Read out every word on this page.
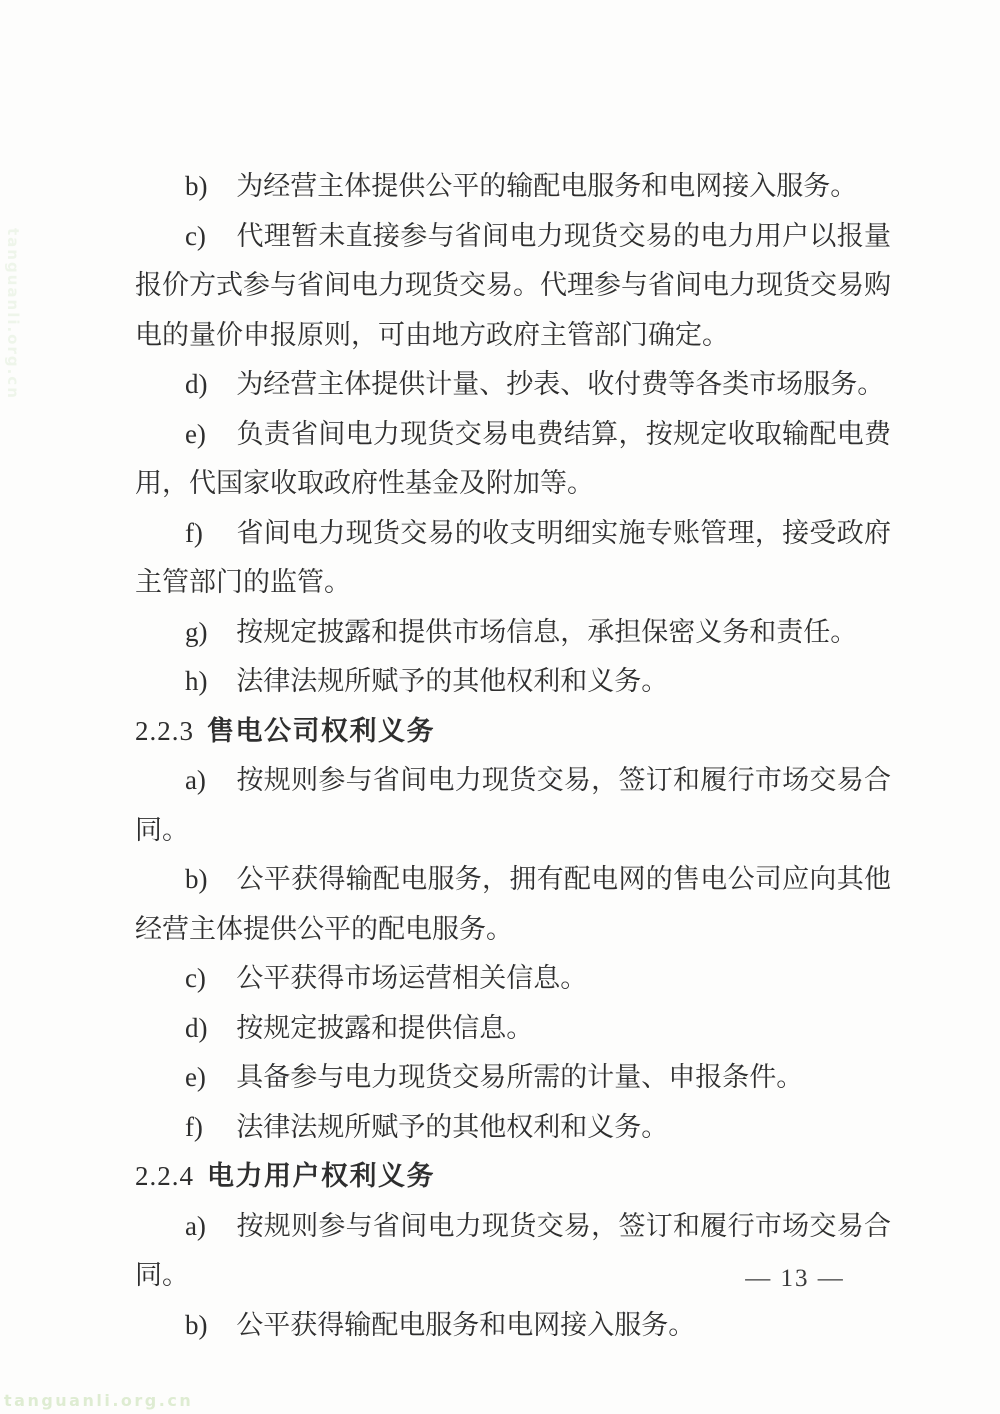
tanguanli.org.cn

b) 为经营主体提供公平的输配电服务和电网接入服务。

c) 代理暂未直接参与省间电力现货交易的电力用户以报量报价方式参与省间电力现货交易。代理参与省间电力现货交易购电的量价申报原则，可由地方政府主管部门确定。

d) 为经营主体提供计量、抄表、收付费等各类市场服务。

e) 负责省间电力现货交易电费结算，按规定收取输配电费用，代国家收取政府性基金及附加等。

f) 省间电力现货交易的收支明细实施专账管理，接受政府主管部门的监管。

g) 按规定披露和提供市场信息，承担保密义务和责任。

h) 法律法规所赋予的其他权利和义务。

2.2.3 售电公司权利义务

a) 按规则参与省间电力现货交易，签订和履行市场交易合同。

b) 公平获得输配电服务，拥有配电网的售电公司应向其他经营主体提供公平的配电服务。

c) 公平获得市场运营相关信息。

d) 按规定披露和提供信息。

e) 具备参与电力现货交易所需的计量、申报条件。

f) 法律法规所赋予的其他权利和义务。

2.2.4 电力用户权利义务

a) 按规则参与省间电力现货交易，签订和履行市场交易合同。

b) 公平获得输配电服务和电网接入服务。

— 13 —
tanguanli.org.cn
